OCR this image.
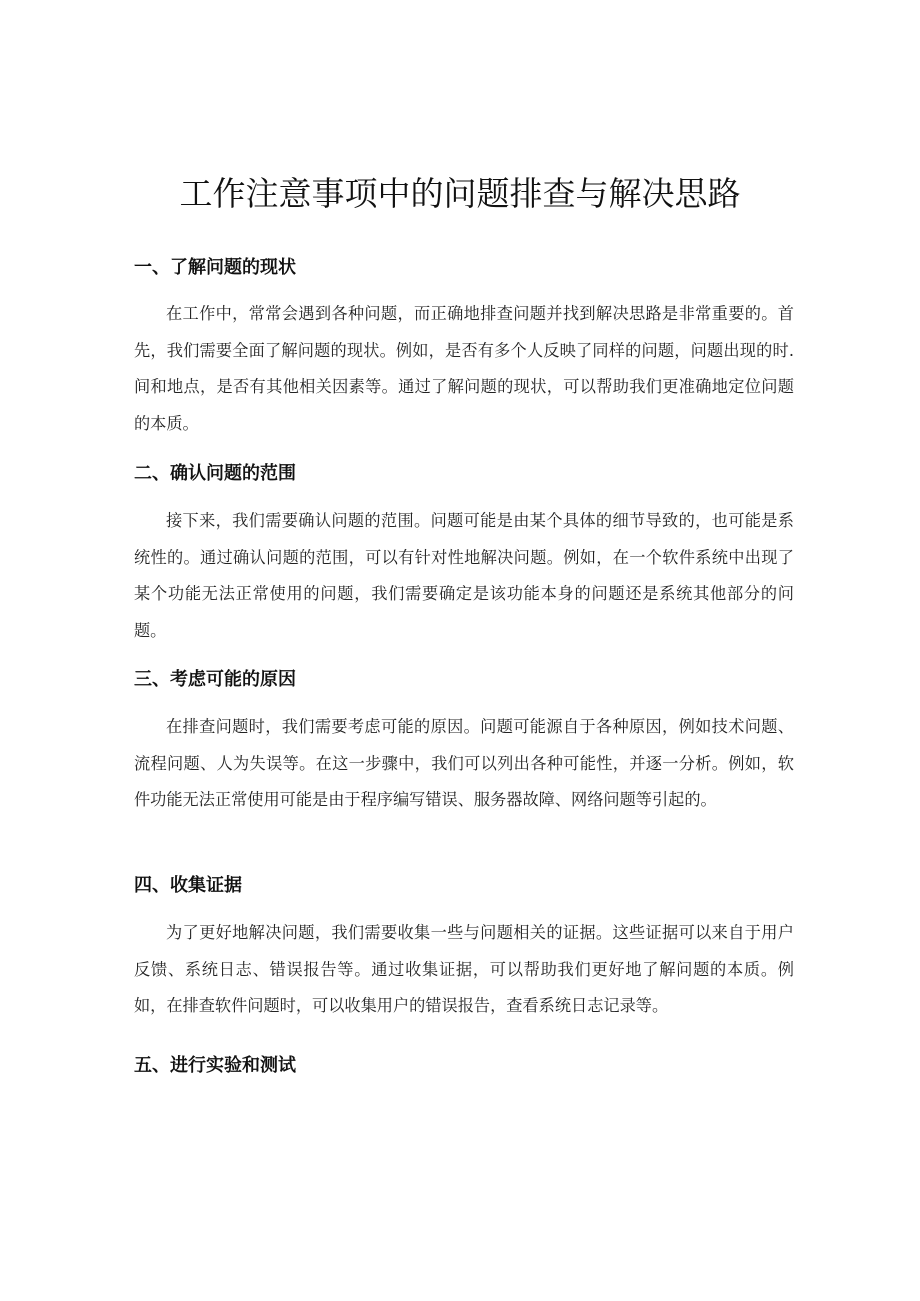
工作注意事项中的问题排查与解决思路
一、了解问题的现状

在工作中，常常会遇到各种问题，而正确地排查问题并找到解决思路是非常重要的。首先，我们需要全面了解问题的现状。例如，是否有多个人反映了同样的问题，问题出现的时.间和地点，是否有其他相关因素等。通过了解问题的现状，可以帮助我们更准确地定位问题的本质。

二、确认问题的范围

接下来，我们需要确认问题的范围。问题可能是由某个具体的细节导致的，也可能是系统性的。通过确认问题的范围，可以有针对性地解决问题。例如，在一个软件系统中出现了某个功能无法正常使用的问题，我们需要确定是该功能本身的问题还是系统其他部分的问题。

三、考虑可能的原因

在排查问题时，我们需要考虑可能的原因。问题可能源自于各种原因，例如技术问题、流程问题、人为失误等。在这一步骤中，我们可以列出各种可能性，并逐一分析。例如，软件功能无法正常使用可能是由于程序编写错误、服务器故障、网络问题等引起的。

四、收集证据

为了更好地解决问题，我们需要收集一些与问题相关的证据。这些证据可以来自于用户反馈、系统日志、错误报告等。通过收集证据，可以帮助我们更好地了解问题的本质。例如，在排查软件问题时，可以收集用户的错误报告，查看系统日志记录等。

五、进行实验和测试
